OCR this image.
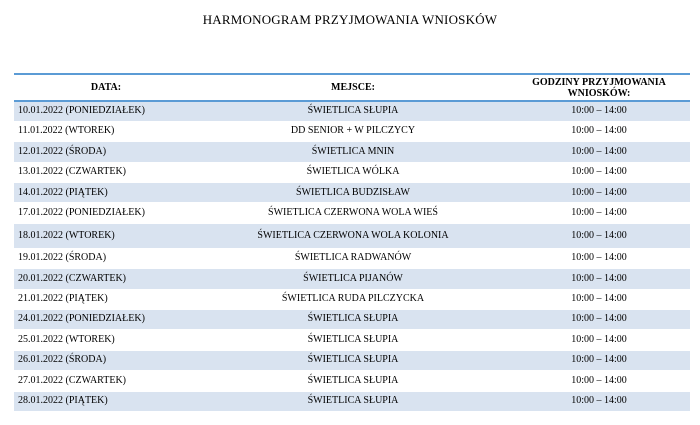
HARMONOGRAM PRZYJMOWANIA WNIOSKÓW
DATA:	MEJSCE:	GODZINY PRZYJMOWANIA WNIOSKÓW:
10.01.2022 (PONIEDZIAŁEK)	ŚWIETLICA SŁUPIA	10:00 – 14:00
11.01.2022 (WTOREK)	DD SENIOR + W PILCZYCY	10:00 – 14:00
12.01.2022 (ŚRODA)	ŚWIETLICA MNIN	10:00 – 14:00
13.01.2022 (CZWARTEK)	ŚWIETLICA WÓLKA	10:00 – 14:00
14.01.2022 (PIĄTEK)	ŚWIETLICA BUDZISŁAW	10:00 – 14:00
17.01.2022 (PONIEDZIAŁEK)	ŚWIETLICA CZERWONA WOLA WIEŚ	10:00 – 14:00
18.01.2022 (WTOREK)	ŚWIETLICA CZERWONA WOLA KOLONIA	10:00 – 14:00
19.01.2022 (ŚRODA)	ŚWIETLICA RADWANÓW	10:00 – 14:00
20.01.2022 (CZWARTEK)	ŚWIETLICA PIJANÓW	10:00 – 14:00
21.01.2022 (PIĄTEK)	ŚWIETLICA RUDA PILCZYCKA	10:00 – 14:00
24.01.2022 (PONIEDZIAŁEK)	ŚWIETLICA SŁUPIA	10:00 – 14:00
25.01.2022 (WTOREK)	ŚWIETLICA SŁUPIA	10:00 – 14:00
26.01.2022 (ŚRODA)	ŚWIETLICA SŁUPIA	10:00 – 14:00
27.01.2022 (CZWARTEK)	ŚWIETLICA SŁUPIA	10:00 – 14:00
28.01.2022 (PIĄTEK)	ŚWIETLICA SŁUPIA	10:00 – 14:00
